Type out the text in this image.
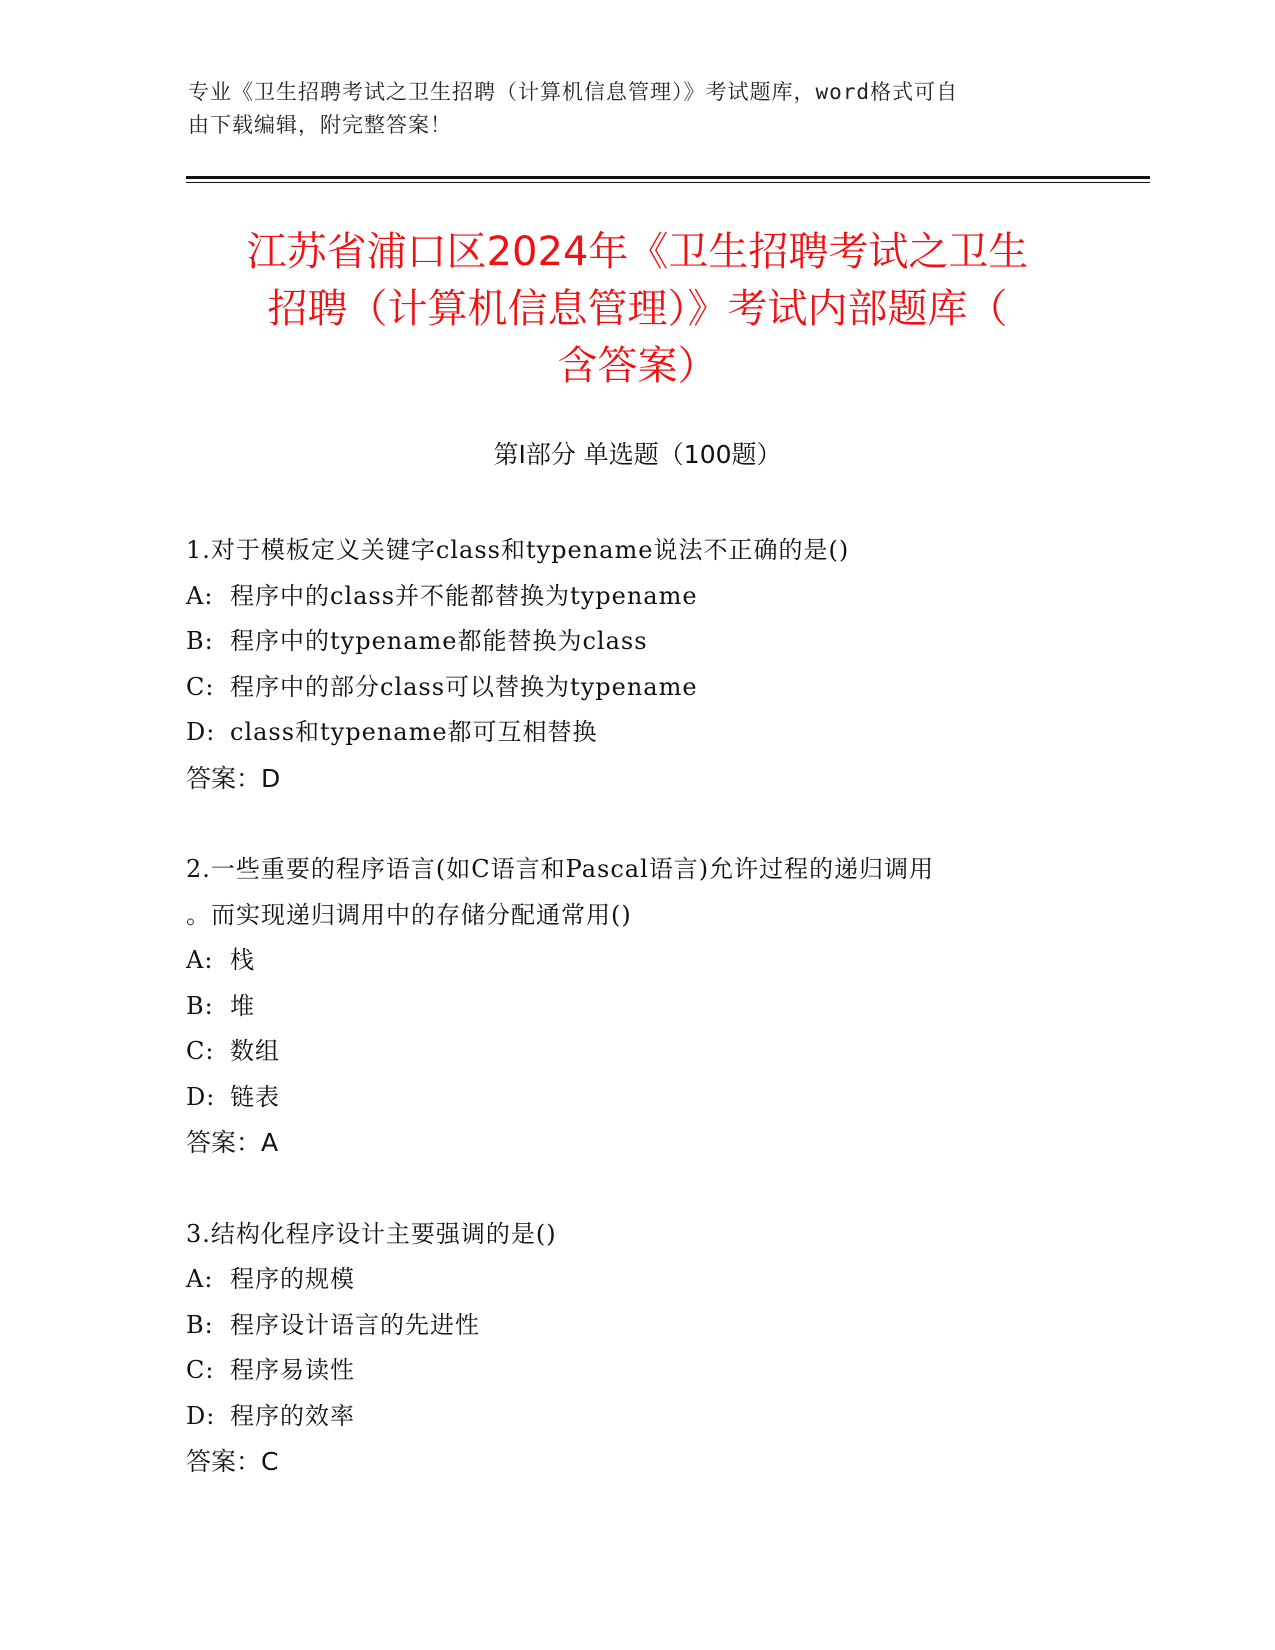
专业《卫生招聘考试之卫生招聘（计算机信息管理）》考试题库，word格式可自
由下载编辑，附完整答案！
江苏省浦口区2024年《卫生招聘考试之卫生
招聘（计算机信息管理）》考试内部题库（
含答案）
第Ⅰ部分 单选题（100题）
1.对于模板定义关键字class和typename说法不正确的是()
A: 程序中的class并不能都替换为typename
B: 程序中的typename都能替换为class
C: 程序中的部分class可以替换为typename
D: class和typename都可互相替换
答案：D
2.一些重要的程序语言(如C语言和Pascal语言)允许过程的递归调用
。而实现递归调用中的存储分配通常用()
A: 栈
B: 堆
C: 数组
D: 链表
答案：A
3.结构化程序设计主要强调的是()
A: 程序的规模
B: 程序设计语言的先进性
C: 程序易读性
D: 程序的效率
答案：C
